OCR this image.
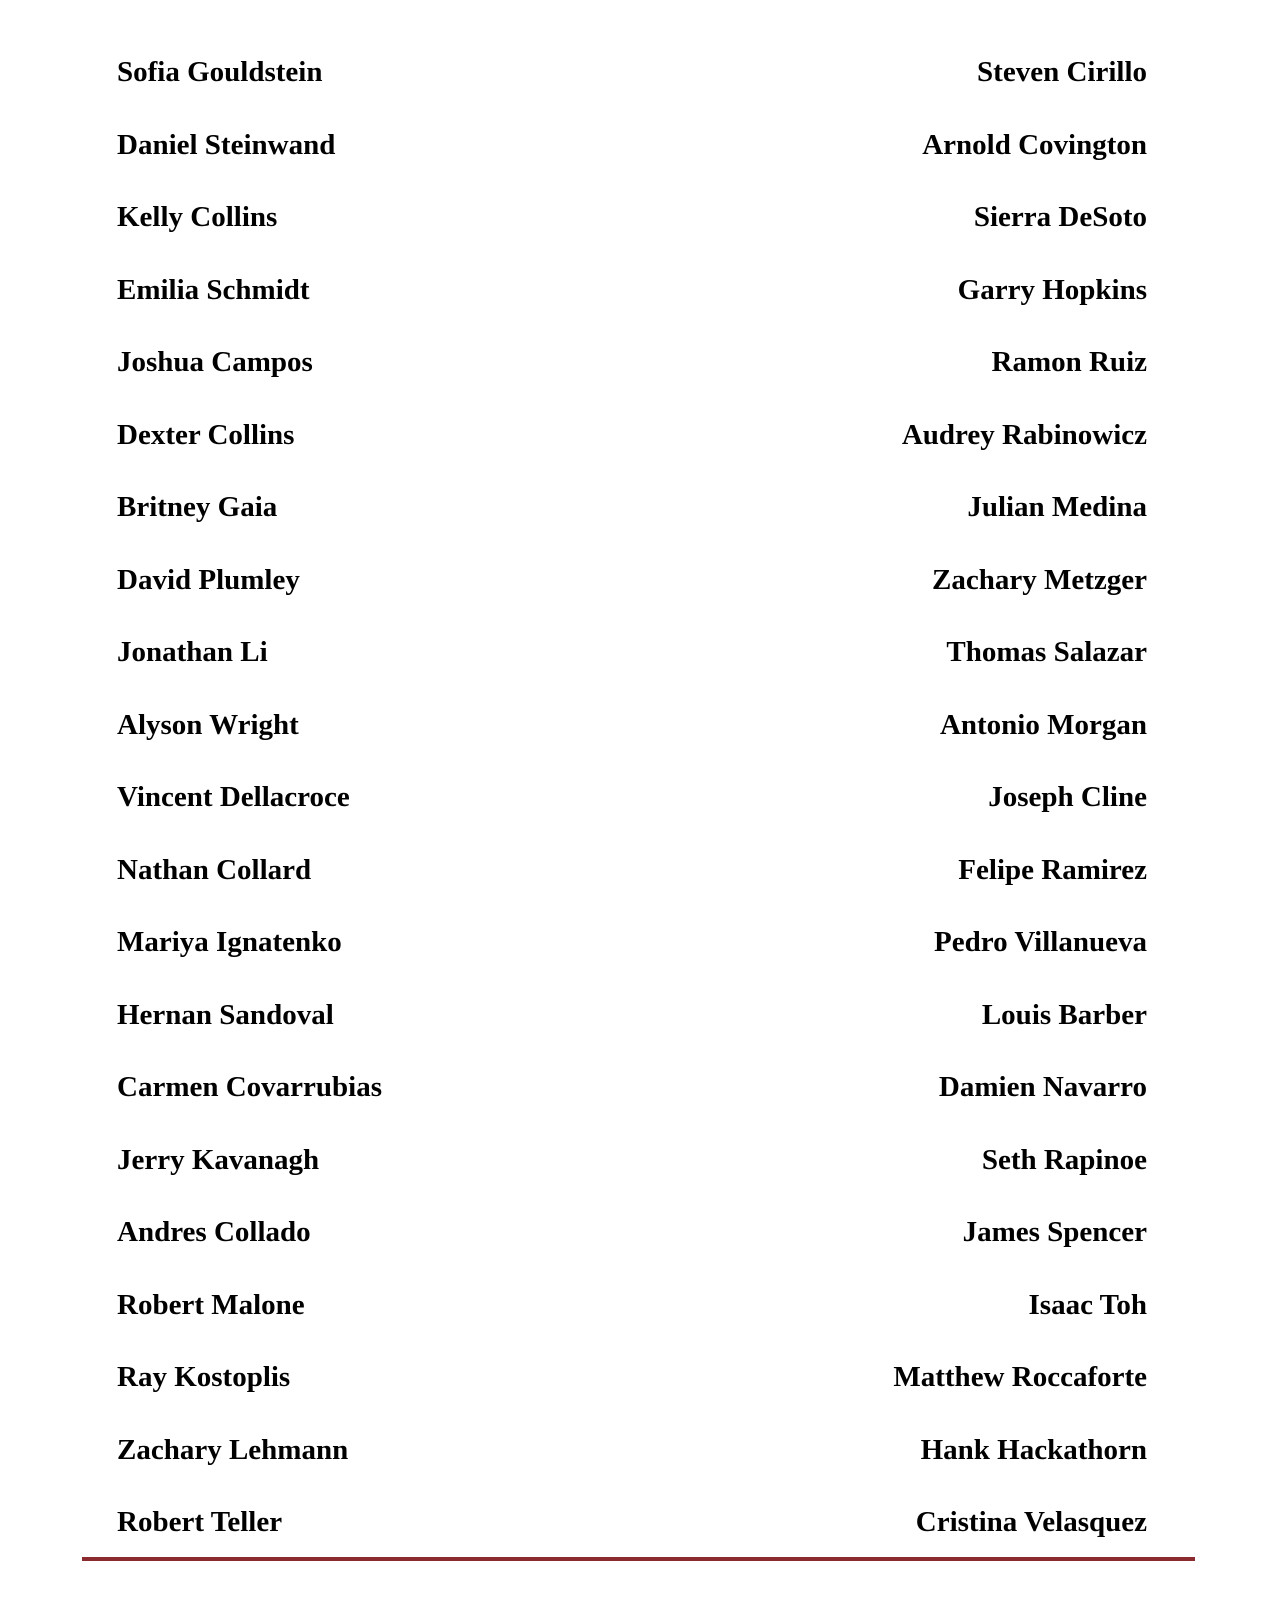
Sofia Gouldstein	Steven Cirillo
Daniel Steinwand	Arnold Covington
Kelly Collins	Sierra DeSoto
Emilia Schmidt	Garry Hopkins
Joshua Campos	Ramon Ruiz
Dexter Collins	Audrey Rabinowicz
Britney Gaia	Julian Medina
David Plumley	Zachary Metzger
Jonathan Li	Thomas Salazar
Alyson Wright	Antonio Morgan
Vincent Dellacroce	Joseph Cline
Nathan Collard	Felipe Ramirez
Mariya Ignatenko	Pedro Villanueva
Hernan Sandoval	Louis Barber
Carmen Covarrubias	Damien Navarro
Jerry Kavanagh	Seth Rapinoe
Andres Collado	James Spencer
Robert Malone	Isaac Toh
Ray Kostoplis	Matthew Roccaforte
Zachary Lehmann	Hank Hackathorn
Robert Teller	Cristina Velasquez
